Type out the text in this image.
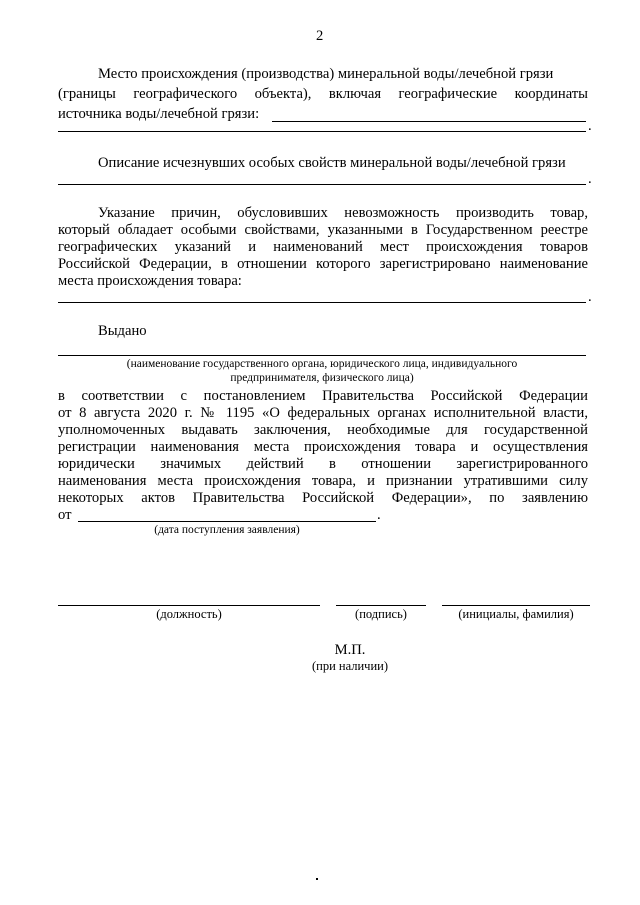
2
Место происхождения (производства) минеральной воды/лечебной грязи
(границы географического объекта), включая географические координаты
источника воды/лечебной грязи:
.
Описание исчезнувших особых свойств минеральной воды/лечебной грязи
.
Указание причин, обусловивших невозможность производить товар,
который обладает особыми свойствами, указанными в Государственном реестре
географических указаний и наименований мест происхождения товаров
Российской Федерации, в отношении которого зарегистрировано наименование
места происхождения товара:
.
Выдано
(наименование государственного органа, юридического лица, индивидуального
предпринимателя, физического лица)
в соответствии с постановлением Правительства Российской Федерации
от 8 августа 2020 г. № 1195 «О федеральных органах исполнительной власти,
уполномоченных выдавать заключения, необходимые для государственной
регистрации наименования места происхождения товара и осуществления
юридически значимых действий в отношении зарегистрированного
наименования места происхождения товара, и признании утратившими силу
некоторых актов Правительства Российской Федерации», по заявлению
от	.
(дата поступления заявления)
(должность)	(подпись)	(инициалы, фамилия)
М.П.
(при наличии)
